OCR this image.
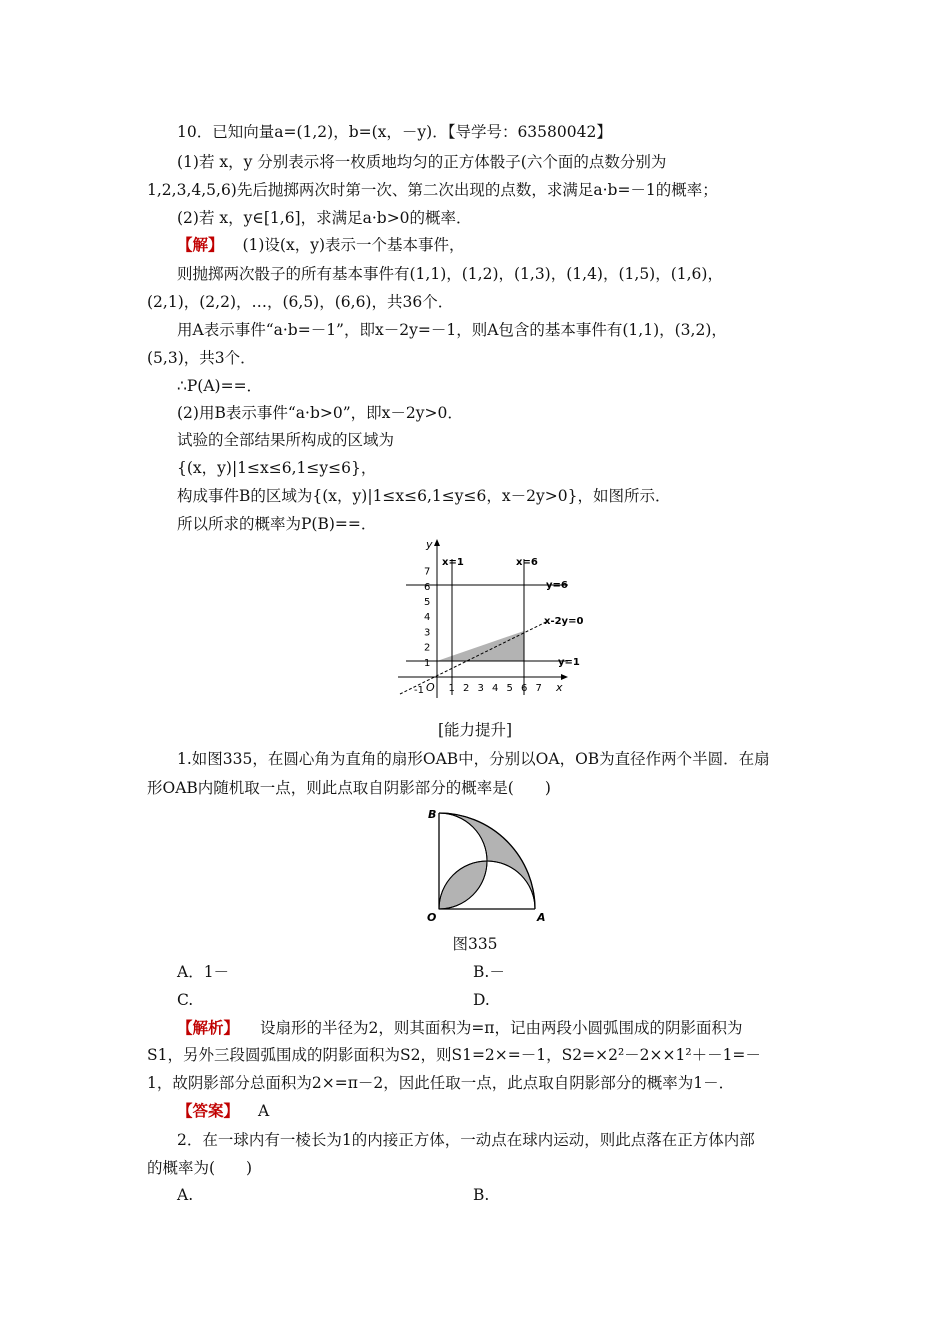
10．已知向量a=(1,2)，b=(x，－y)．【导学号：63580042】
(1)若 x，y 分别表示将一枚质地均匀的正方体骰子(六个面的点数分别为
1,2,3,4,5,6)先后抛掷两次时第一次、第二次出现的点数，求满足a·b=－1的概率；
(2)若 x，y∈[1,6]，求满足a·b>0的概率．
【解】 (1)设(x，y)表示一个基本事件，
则抛掷两次骰子的所有基本事件有(1,1)，(1,2)，(1,3)，(1,4)，(1,5)，(1,6)，
(2,1)，(2,2)，…，(6,5)，(6,6)，共36个．
用A表示事件“a·b=－1”，即x－2y=－1，则A包含的基本事件有(1,1)，(3,2)，
(5,3)，共3个．
∴P(A)==．
(2)用B表示事件“a·b>0”，即x－2y>0．
试验的全部结果所构成的区域为
{(x，y)|1≤x≤6,1≤y≤6}，
构成事件B的区域为{(x，y)|1≤x≤6,1≤y≤6，x－2y>0}，如图所示．
所以所求的概率为P(B)==．
y
x
O
x=1	x=6
y=6
y=1
x-2y=0
-1 1 2 3 4 5 6 7
1
2
3
4
5
6
7
[能力提升]
1.如图335，在圆心角为直角的扇形OAB中，分别以OA，OB为直径作两个半圆．在扇
形OAB内随机取一点，则此点取自阴影部分的概率是(　　)
B
O	A
图335
A．1－	B.－
C.	D.
【解析】 设扇形的半径为2，则其面积为=π，记由两段小圆弧围成的阴影面积为
S1，另外三段圆弧围成的阴影面积为S2，则S1=2×=－1，S2=×2²－2××1²＋－1=－
1，故阴影部分总面积为2×=π－2，因此任取一点，此点取自阴影部分的概率为1－．
【答案】 A
2．在一球内有一棱长为1的内接正方体，一动点在球内运动，则此点落在正方体内部
的概率为(　　)
A.	B.
